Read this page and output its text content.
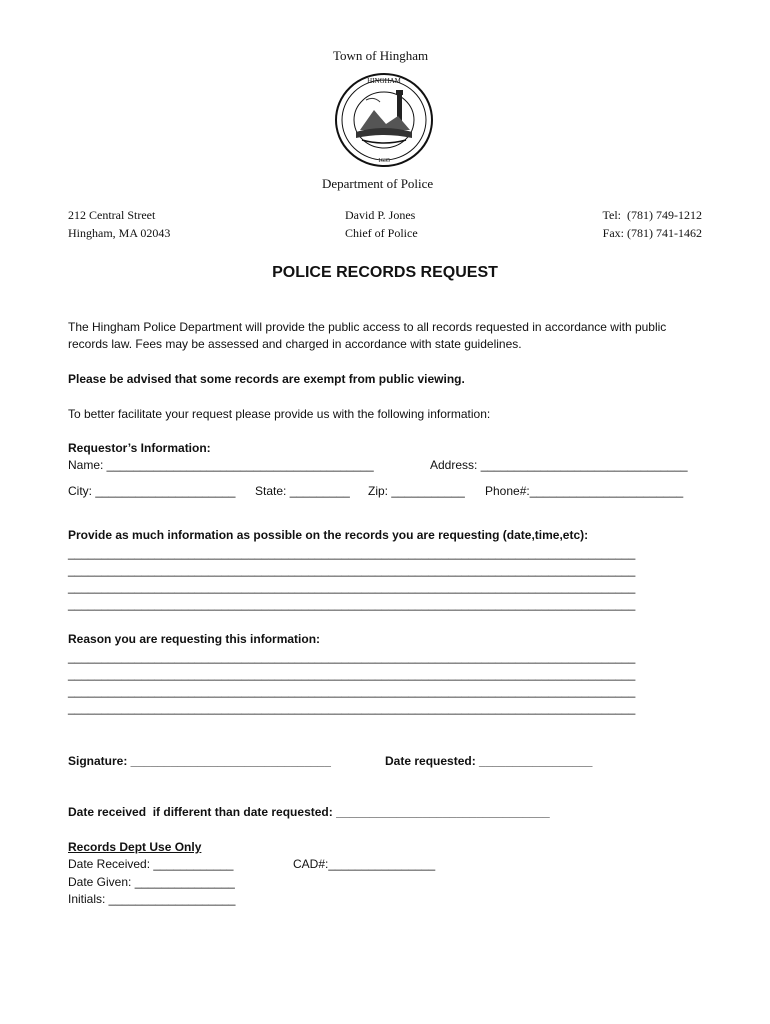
Town of Hingham
HINGHAM
1635
Department of Police
212 Central Street
Hingham, MA 02043
David P. Jones
Chief of Police
Tel:  (781) 749-1212
Fax: (781) 741-1462
POLICE RECORDS REQUEST
The Hingham Police Department will provide the public access to all records requested in accordance with public
records law. Fees may be assessed and charged in accordance with state guidelines.
Please be advised that some records are exempt from public viewing.
To better facilitate your request please provide us with the following information:
Requestor’s Information:
Name: ________________________________________	Address: _______________________________
City: _____________________ State: _________ Zip: ___________ Phone#:_______________________
Provide as much information as possible on the records you are requesting (date,time,etc):
_____________________________________________________________________________________
_____________________________________________________________________________________
_____________________________________________________________________________________
_____________________________________________________________________________________
Reason you are requesting this information:
_____________________________________________________________________________________
_____________________________________________________________________________________
_____________________________________________________________________________________
_____________________________________________________________________________________
Signature: ______________________________	Date requested: _________________
Date received  if different than date requested: ________________________________
Records Dept Use Only
Date Received: ____________	CAD#:________________
Date Given: _______________
Initials: ___________________
